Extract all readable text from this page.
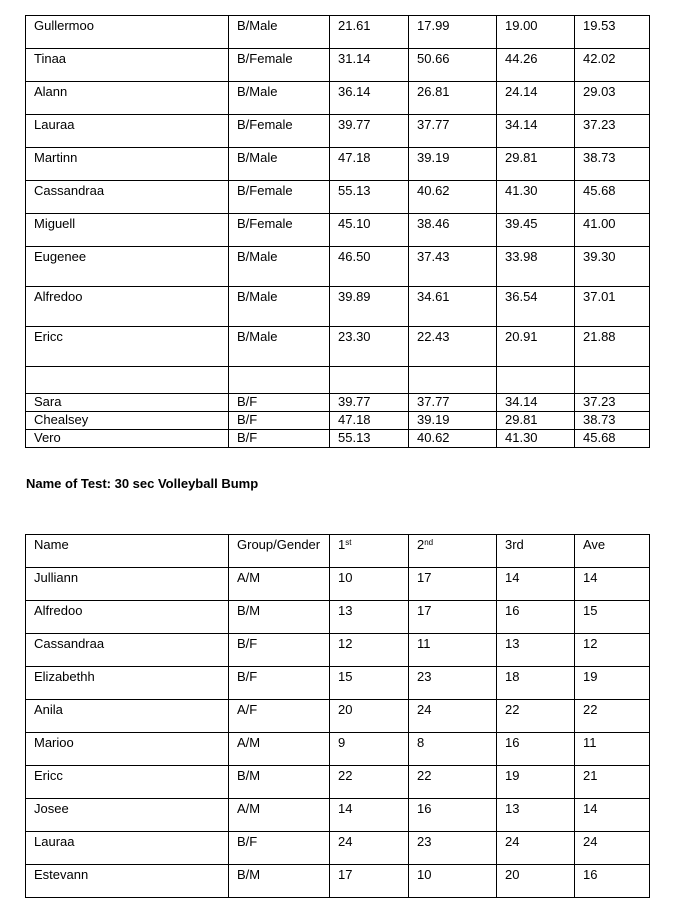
Gullermoo	B/Male	21.61	17.99	19.00	19.53
Tinaa	B/Female	31.14	50.66	44.26	42.02
Alann	B/Male	36.14	26.81	24.14	29.03
Lauraa	B/Female	39.77	37.77	34.14	37.23
Martinn	B/Male	47.18	39.19	29.81	38.73
Cassandraa	B/Female	55.13	40.62	41.30	45.68
Miguell	B/Female	45.10	38.46	39.45	41.00
Eugenee	B/Male	46.50	37.43	33.98	39.30
Alfredoo	B/Male	39.89	34.61	36.54	37.01
Ericc	B/Male	23.30	22.43	20.91	21.88

Sara	B/F	39.77	37.77	34.14	37.23
Chealsey	B/F	47.18	39.19	29.81	38.73
Vero	B/F	55.13	40.62	41.30	45.68
Name of Test: 30 sec Volleyball Bump
Name	Group/Gender	1st	2nd	3rd	Ave
Julliann	A/M	10	17	14	14
Alfredoo	B/M	13	17	16	15
Cassandraa	B/F	12	11	13	12
Elizabethh	B/F	15	23	18	19
Anila	A/F	20	24	22	22
Marioo	A/M	9	8	16	11
Ericc	B/M	22	22	19	21
Josee	A/M	14	16	13	14
Lauraa	B/F	24	23	24	24
Estevann	B/M	17	10	20	16
